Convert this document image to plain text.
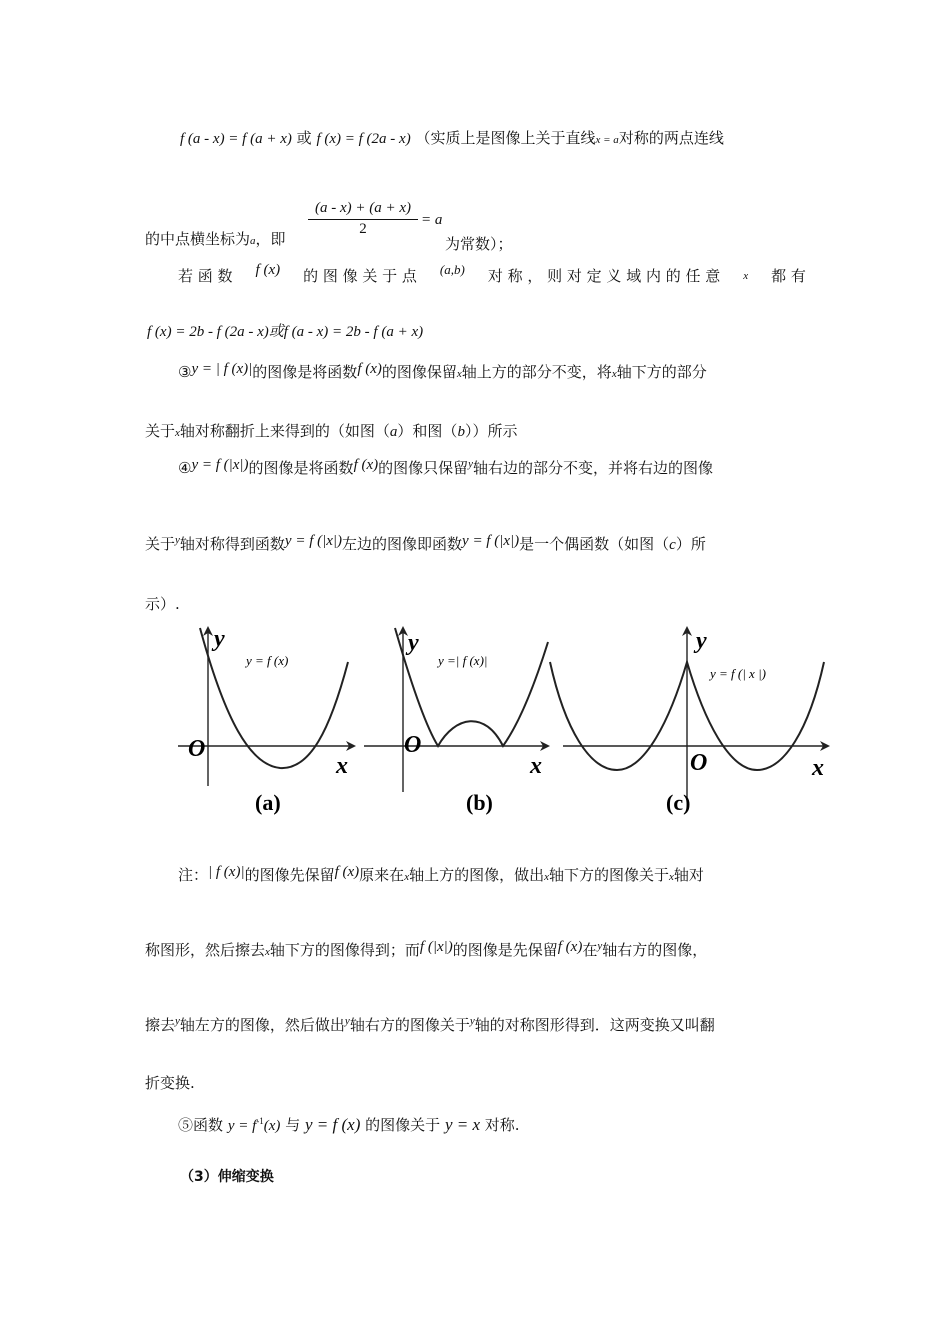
f (a - x) = f (a + x) 或 f (x) = f (2a - x) （实质上是图像上关于直线x = a对称的两点连线
的中点横坐标为a，即
(a - x) + (a + x)
2
= a
为常数）；
若 函 数 f (x) 的 图 像 关 于 点 (a,b) 对 称 ， 则 对 定 义 域 内 的 任 意 x 都 有
f (x) = 2b - f (2a - x)或f (a - x) = 2b - f (a + x)
③y = | f (x)|的图像是将函数f (x)的图像保留x轴上方的部分不变，将x轴下方的部分
关于x轴对称翻折上来得到的（如图（a）和图（b））所示
④y = f (|x|)的图像是将函数f (x)的图像只保留$^y$轴右边的部分不变，并将右边的图像
关于$^y$轴对称得到函数y = f (|x|)左边的图像即函数y = f (|x|)是一个偶函数（如图（c）所
示）.
y
O
x
y = f (x)
(a)
y
O
x
y =| f (x)|
(b)
y
O	x
y = f (| x |)
(c)
注：| f (x)|的图像先保留f (x)原来在x轴上方的图像，做出x轴下方的图像关于x轴对
称图形，然后擦去x轴下方的图像得到；而f (|x|)的图像是先保留f (x)在$^y$轴右方的图像，
擦去$^y$轴左方的图像，然后做出$^y$轴右方的图像关于$^y$轴的对称图形得到．这两变换又叫翻
折变换.
⑤函数 $y = f^{-1}(x)$ 与 y = f (x) 的图像关于 y = x 对称.
（3）伸缩变换
